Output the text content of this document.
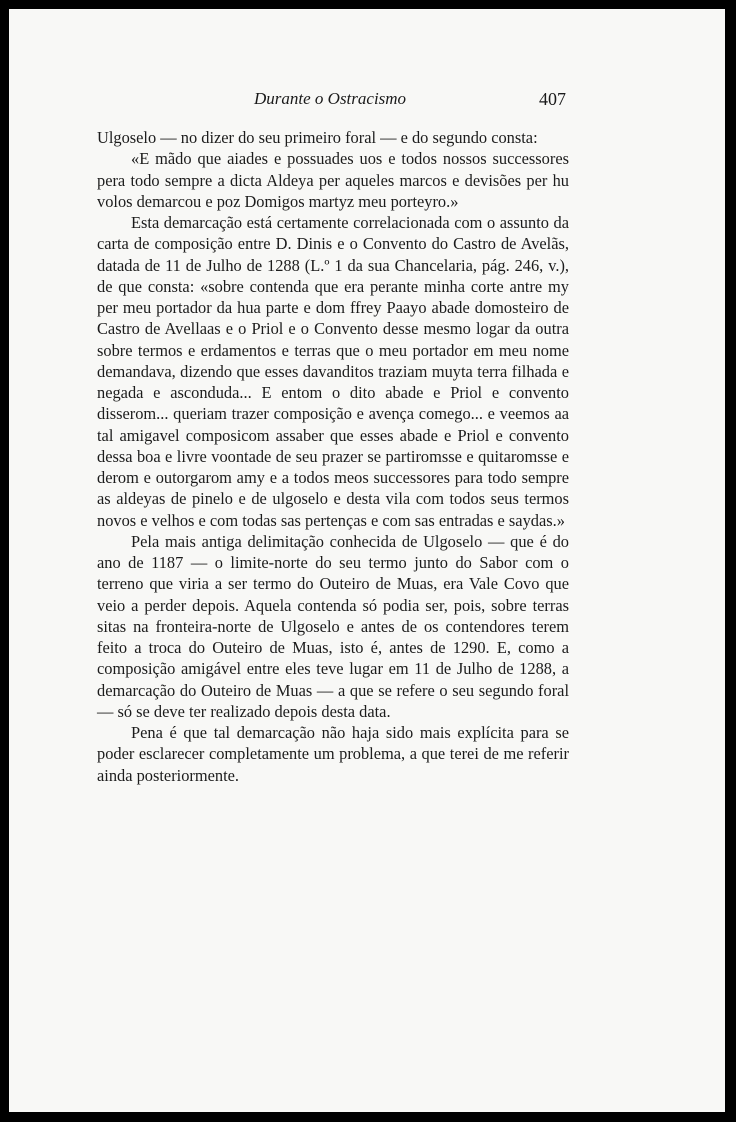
Durante o Ostracismo	407

Ulgoselo — no dizer do seu primeiro foral — e do segundo consta:

«E mãdo que aiades e possuades uos e todos nossos successores pera todo sempre a dicta Aldeya per aqueles marcos e devisões per hu volos demarcou e poz Domigos martyz meu porteyro.»

Esta demarcação está certamente correlacionada com o assunto da carta de composição entre D. Dinis e o Convento do Castro de Avelãs, datada de 11 de Julho de 1288 (L.º 1 da sua Chancelaria, pág. 246, v.), de que consta: «sobre contenda que era perante minha corte antre my per meu portador da hua parte e dom ffrey Paayo abade domosteiro de Castro de Avellaas e o Priol e o Convento desse mesmo logar da outra sobre termos e erdamentos e terras que o meu portador em meu nome demandava, dizendo que esses davanditos traziam muyta terra filhada e negada e asconduda... E entom o dito abade e Priol e convento disserom... queriam trazer composição e avença comego... e veemos aa tal amigavel composicom assaber que esses abade e Priol e convento dessa boa e livre voontade de seu prazer se partiromsse e quitaromsse e derom e outorgarom amy e a todos meos successores para todo sempre as aldeyas de pinelo e de ulgoselo e desta vila com todos seus termos novos e velhos e com todas sas pertenças e com sas entradas e saydas.»

Pela mais antiga delimitação conhecida de Ulgoselo — que é do ano de 1187 — o limite-norte do seu termo junto do Sabor com o terreno que viria a ser termo do Outeiro de Muas, era Vale Covo que veio a perder depois. Aquela contenda só podia ser, pois, sobre terras sitas na fronteira-norte de Ulgoselo e antes de os contendores terem feito a troca do Outeiro de Muas, isto é, antes de 1290. E, como a composição amigável entre eles teve lugar em 11 de Julho de 1288, a demarcação do Outeiro de Muas — a que se refere o seu segundo foral — só se deve ter realizado depois desta data.

Pena é que tal demarcação não haja sido mais explícita para se poder esclarecer completamente um problema, a que terei de me referir ainda posteriormente.
